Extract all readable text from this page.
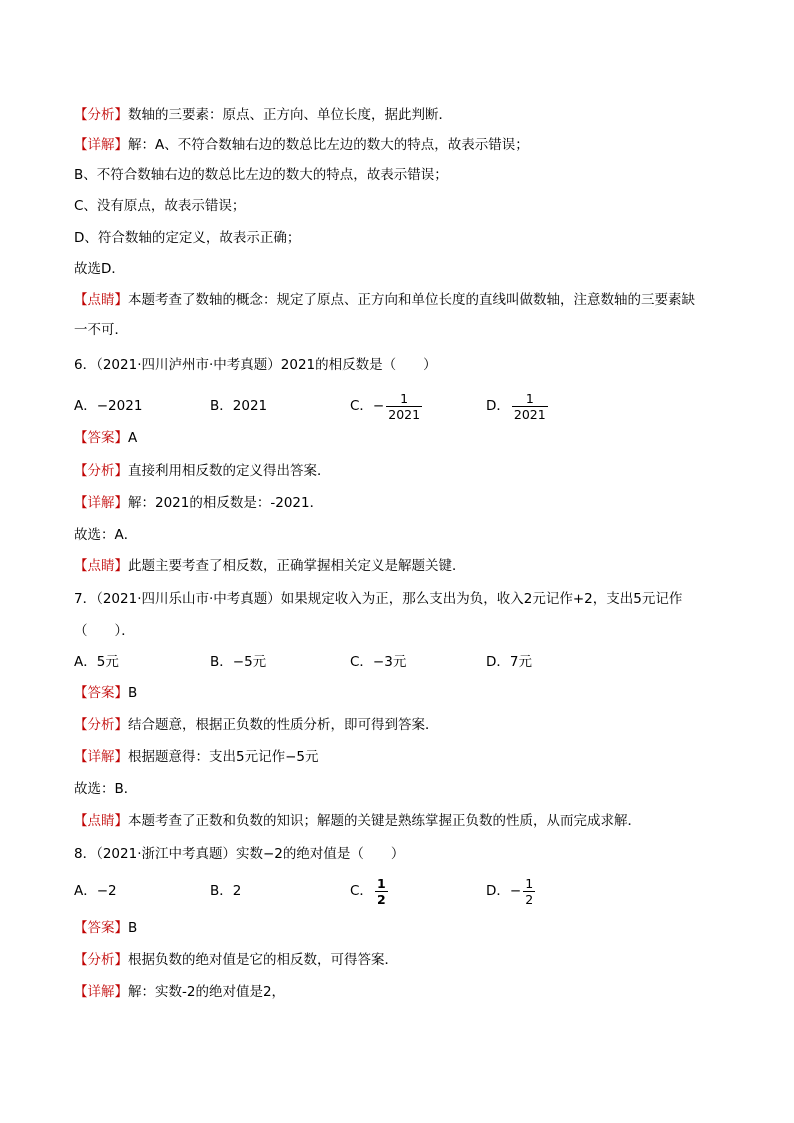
【分析】数轴的三要素：原点、正方向、单位长度，据此判断．
【详解】解：A、不符合数轴右边的数总比左边的数大的特点，故表示错误；
B、不符合数轴右边的数总比左边的数大的特点，故表示错误；
C、没有原点，故表示错误；
D、符合数轴的定定义，故表示正确；
故选D．
【点睛】本题考查了数轴的概念：规定了原点、正方向和单位长度的直线叫做数轴，注意数轴的三要素缺
一不可．
6．（2021·四川泸州市·中考真题）2021的相反数是（　　）
A．−2021	B．2021	C．− $\frac{1}{2021}$	D． $\frac{1}{2021}$
【答案】A
【分析】直接利用相反数的定义得出答案．
【详解】解：2021的相反数是：-2021．
故选：A．
【点睛】此题主要考查了相反数，正确掌握相关定义是解题关键．
7．（2021·四川乐山市·中考真题）如果规定收入为正，那么支出为负，收入2元记作+2，支出5元记作
（　　）．
A．5元	B．−5元	C．−3元	D．7元
【答案】B
【分析】结合题意，根据正负数的性质分析，即可得到答案．
【详解】根据题意得：支出5元记作−5元
故选：B．
【点睛】本题考查了正数和负数的知识；解题的关键是熟练掌握正负数的性质，从而完成求解．
8．（2021·浙江中考真题）实数−2的绝对值是（　　）
A．−2	B．2	C． $\frac{1}{2}$	D．− $\frac{1}{2}$
【答案】B
【分析】根据负数的绝对值是它的相反数，可得答案．
【详解】解：实数-2的绝对值是2，
